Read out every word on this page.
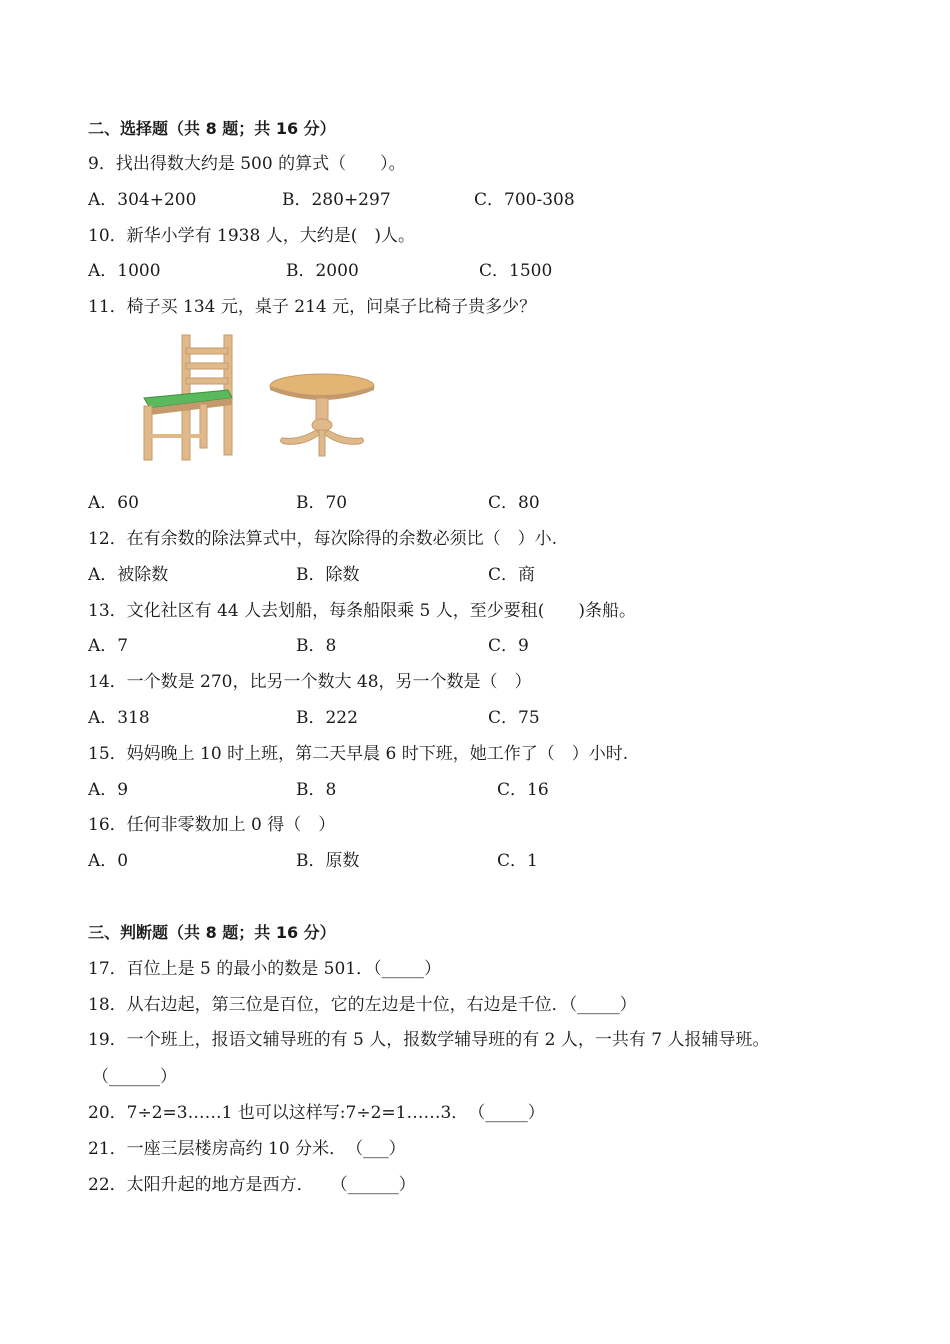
二、选择题（共 8 题；共 16 分）
9．找出得数大约是 500 的算式（　　）。
A．304+200	B．280+297	C．700-308
10．新华小学有 1938 人，大约是(　)人。
A．1000	B．2000	C．1500
11．椅子买 134 元，桌子 214 元，问桌子比椅子贵多少？
A．60	B．70	C．80
12．在有余数的除法算式中，每次除得的余数必须比（　）小.
A．被除数	B．除数	C．商
13．文化社区有 44 人去划船，每条船限乘 5 人，至少要租(　　)条船。
A．7	B．8	C．9
14．一个数是 270，比另一个数大 48，另一个数是（　）
A．318	B．222	C．75
15．妈妈晚上 10 时上班，第二天早晨 6 时下班，她工作了（　）小时.
A．9	B．8	C．16
16．任何非零数加上 0 得（　）
A．0	B．原数	C．1
三、判断题（共 8 题；共 16 分）
17．百位上是 5 的最小的数是 501．（_____）
18．从右边起，第三位是百位，它的左边是十位，右边是千位．（_____）
19．一个班上，报语文辅导班的有 5 人，报数学辅导班的有 2 人，一共有 7 人报辅导班。
（______）
20．7÷2=3……1 也可以这样写:7÷2=1……3．　（_____）
21．一座三层楼房高约 10 分米．　（___）
22．太阳升起的地方是西方．　　（______）
